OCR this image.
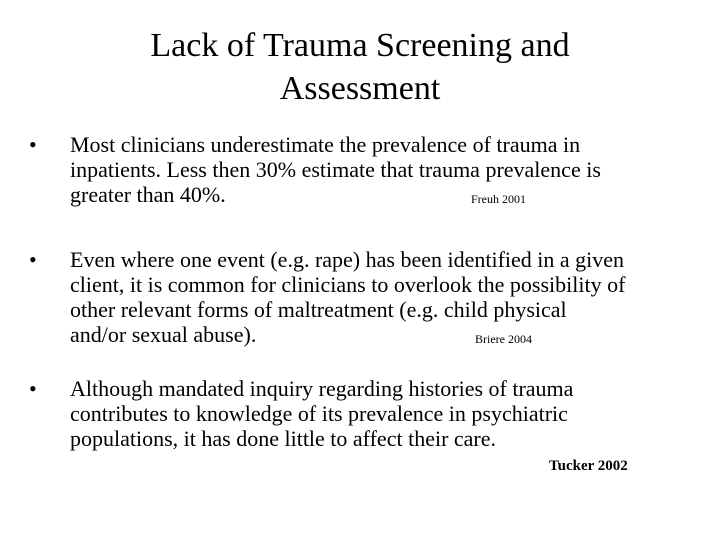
Lack of Trauma Screening and
Assessment
• Most clinicians underestimate the prevalence of trauma in
inpatients. Less then 30% estimate that trauma prevalence is
greater than 40%.	Freuh 2001
• Even where one event (e.g. rape) has been identified in a given
client, it is common for clinicians to overlook the possibility of
other relevant forms of maltreatment (e.g. child physical
and/or sexual abuse).	Briere 2004
• Although mandated inquiry regarding histories of trauma
contributes to knowledge of its prevalence in psychiatric
populations, it has done little to affect their care.
Tucker 2002
